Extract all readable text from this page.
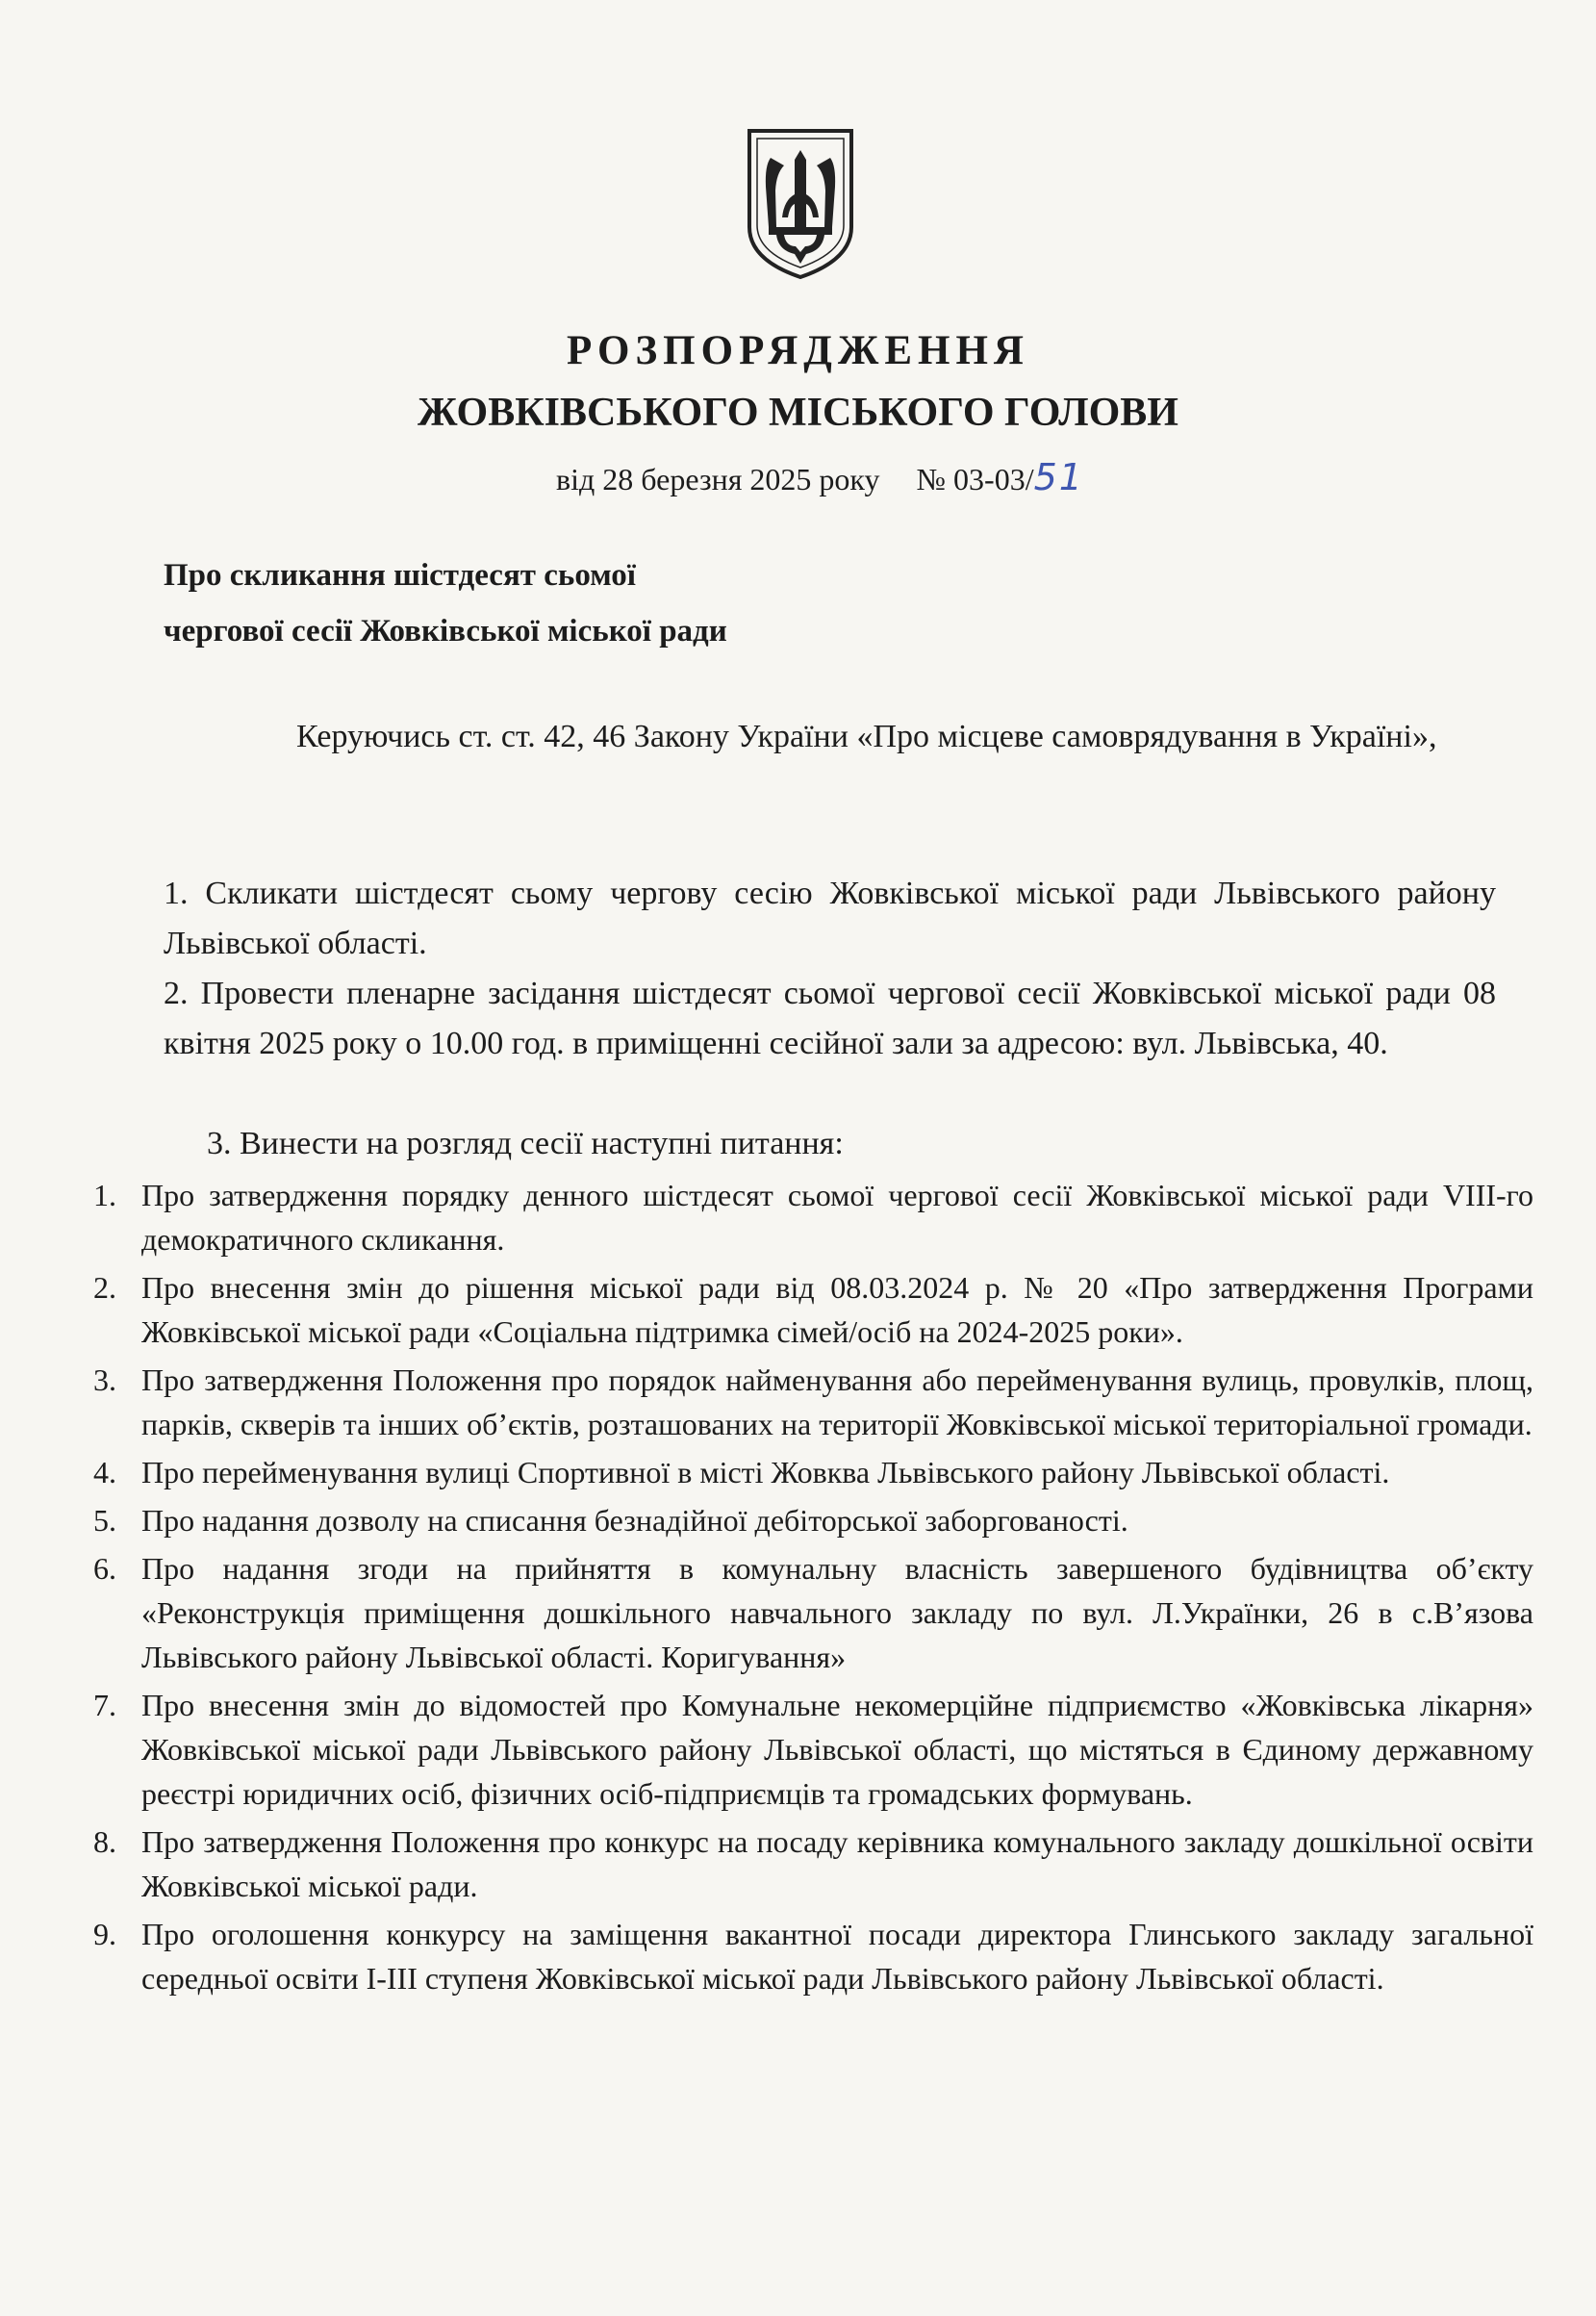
РОЗПОРЯДЖЕННЯ
ЖОВКІВСЬКОГО МІСЬКОГО ГОЛОВИ
від 28 березня 2025 року № 03-03/51
Про скликання шістдесят сьомої
чергової сесії Жовківської міської ради
Керуючись ст. ст. 42, 46 Закону України «Про місцеве самоврядування в Україні»,
1. Скликати шістдесят сьому чергову сесію Жовківської міської ради Львівського району Львівської області.
2. Провести пленарне засідання шістдесят сьомої чергової сесії Жовківської міської ради 08 квітня 2025 року о 10.00 год. в приміщенні сесійної зали за адресою: вул. Львівська, 40.
3. Винести на розгляд сесії наступні питання:
1. Про затвердження порядку денного шістдесят сьомої чергової сесії Жовківської міської ради VIII-го демократичного скликання.
2. Про внесення змін до рішення міської ради від 08.03.2024 р. № 20 «Про затвердження Програми Жовківської міської ради «Соціальна підтримка сімей/осіб на 2024-2025 роки».
3. Про затвердження Положення про порядок найменування або перейменування вулиць, провулків, площ, парків, скверів та інших об’єктів, розташованих на території Жовківської міської територіальної громади.
4. Про перейменування вулиці Спортивної в місті Жовква Львівського району Львівської області.
5. Про надання дозволу на списання безнадійної дебіторської заборгованості.
6. Про надання згоди на прийняття в комунальну власність завершеного будівництва об’єкту «Реконструкція приміщення дошкільного навчального закладу по вул. Л.Українки, 26 в с.В’язова Львівського району Львівської області. Коригування»
7. Про внесення змін до відомостей про Комунальне некомерційне підприємство «Жовківська лікарня» Жовківської міської ради Львівського району Львівської області, що містяться в Єдиному державному реєстрі юридичних осіб, фізичних осіб-підприємців та громадських формувань.
8. Про затвердження Положення про конкурс на посаду керівника комунального закладу дошкільної освіти Жовківської міської ради.
9. Про оголошення конкурсу на заміщення вакантної посади директора Глинського закладу загальної середньої освіти І-ІІІ ступеня Жовківської міської ради Львівського району Львівської області.
